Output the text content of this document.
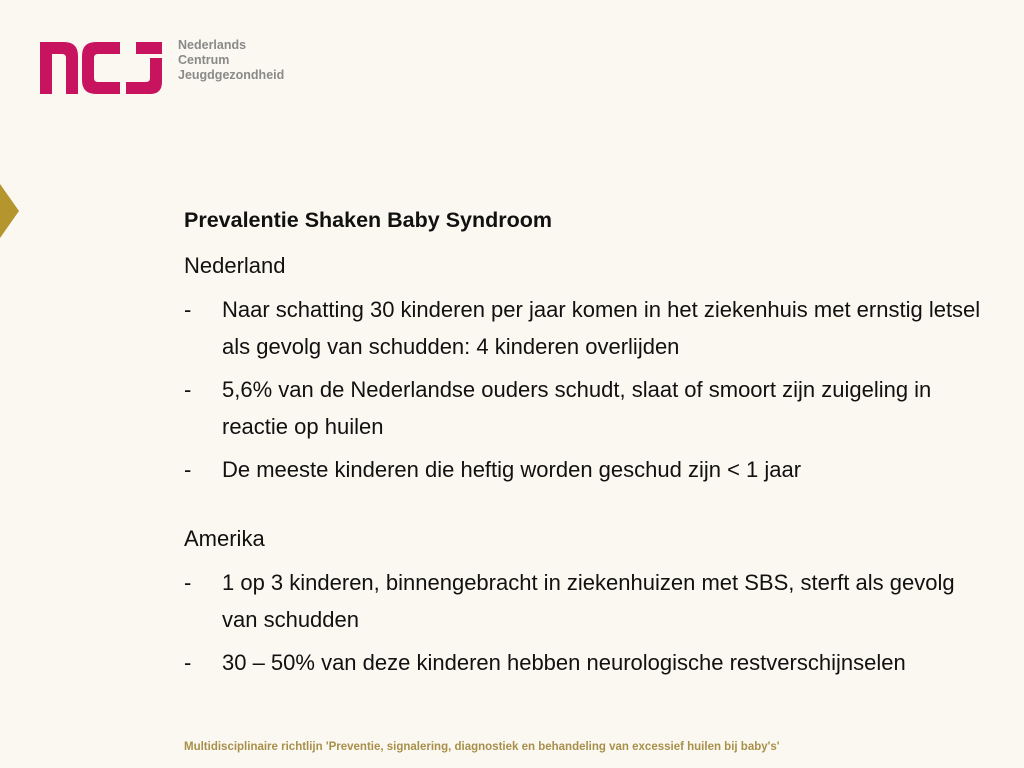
Nederlands
Centrum
Jeugdgezondheid
Prevalentie Shaken Baby Syndroom
Nederland
- Naar schatting 30 kinderen per jaar komen in het ziekenhuis met ernstig letsel als gevolg van schudden: 4 kinderen overlijden
- 5,6% van de Nederlandse ouders schudt, slaat of smoort zijn zuigeling in reactie op huilen
- De meeste kinderen die heftig worden geschud zijn < 1 jaar
Amerika
- 1 op 3 kinderen, binnengebracht in ziekenhuizen met SBS, sterft als gevolg van schudden
- 30 – 50% van deze kinderen hebben neurologische restverschijnselen
Multidisciplinaire richtlijn 'Preventie, signalering, diagnostiek en behandeling van excessief huilen bij baby's'
